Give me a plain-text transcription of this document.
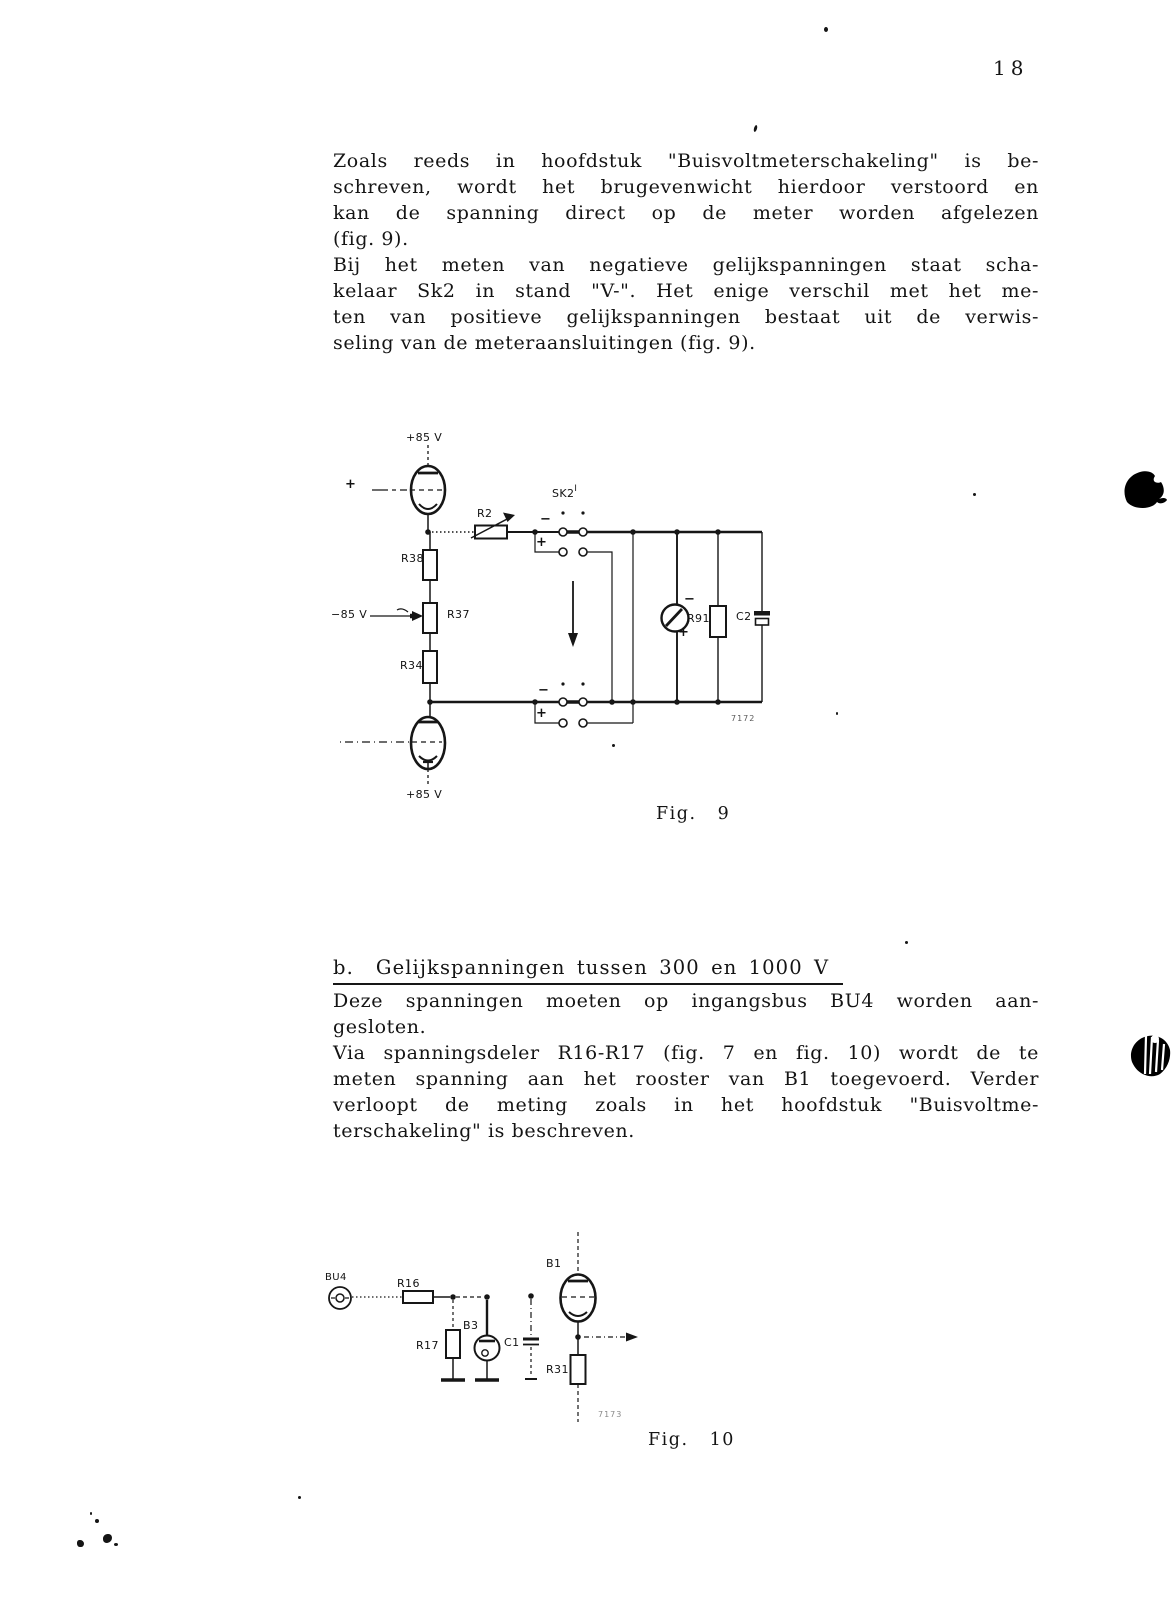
18
Zoals reeds in hoofdstuk "Buisvoltmeterschakeling" is be-
schreven, wordt het brugevenwicht hierdoor verstoord en
kan de spanning direct op de meter worden afgelezen
(fig. 9).
Bij het meten van negatieve gelijkspanningen staat scha-
kelaar Sk2 in stand "V-". Het enige verschil met het me-
ten van positieve gelijkspanningen bestaat uit de verwis-
seling van de meteraansluitingen (fig. 9).
+85 V
+
R2
$SK2^I$
−
+
R38
−85 V	R37
R34
−
+
−
+
R91 C2
+85 V
7172
Fig. 9
b. Gelijkspanningen tussen 300 en 1000 V
Deze spanningen moeten op ingangsbus BU4 worden aan-
gesloten.
Via spanningsdeler R16-R17 (fig. 7 en fig. 10) wordt de te
meten spanning aan het rooster van B1 toegevoerd. Verder
verloopt de meting zoals in het hoofdstuk "Buisvoltme-
terschakeling" is beschreven.
BU4	R16
R17
B3
C1
B1
R31
7173
Fig. 10
